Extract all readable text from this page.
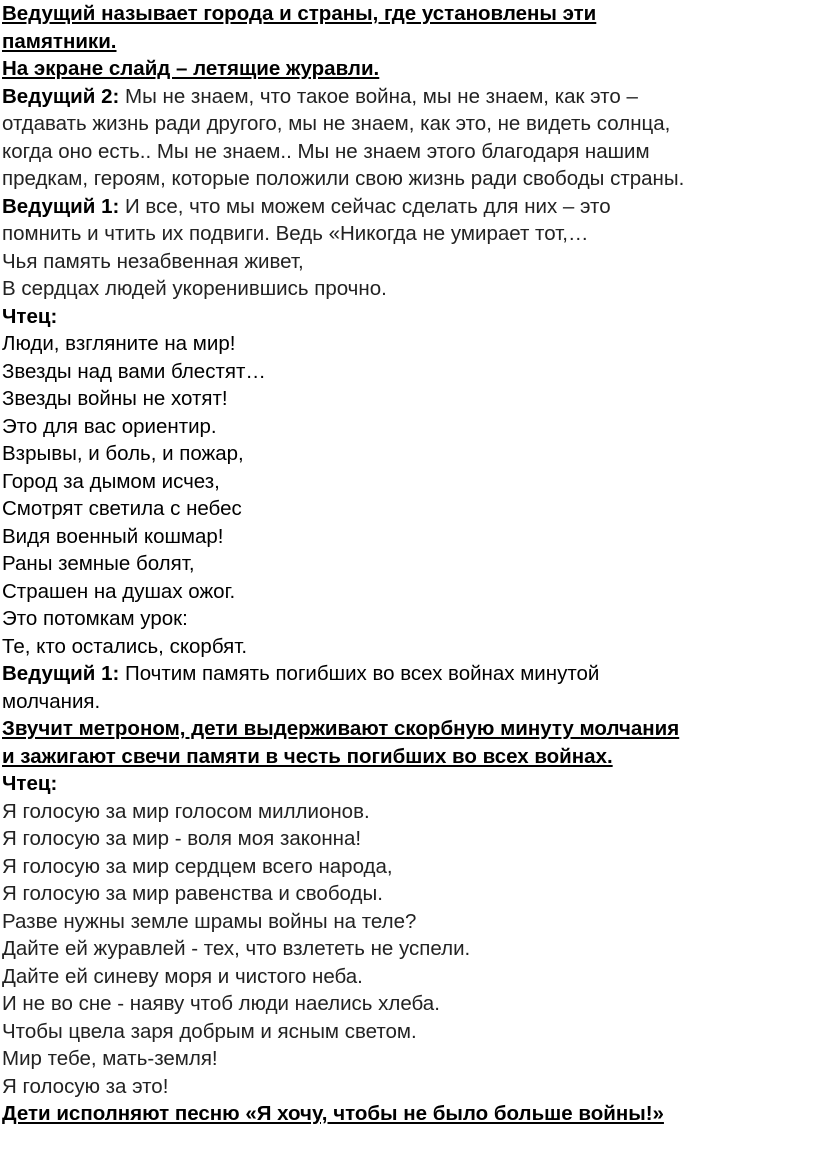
Ведущий называет города и страны, где установлены эти

памятники.

На экране слайд – летящие журавли.

Ведущий 2: Мы не знаем, что такое война, мы не знаем, как это –

отдавать жизнь ради другого, мы не знаем, как это, не видеть солнца,

когда оно есть.. Мы не знаем.. Мы не знаем этого благодаря нашим

предкам, героям, которые положили свою жизнь ради свободы страны.

Ведущий 1: И все, что мы можем сейчас сделать для них – это

помнить и чтить их подвиги. Ведь «Никогда не умирает тот,…

Чья память незабвенная живет,

В сердцах людей укоренившись прочно.

Чтец:

Люди, взгляните на мир!

Звезды над вами блестят…

Звезды войны не хотят!

Это для вас ориентир.

Взрывы, и боль, и пожар,

Город за дымом исчез,

Смотрят светила с небес

Видя военный кошмар!

Раны земные болят,

Страшен на душах ожог.

Это потомкам урок:

Те, кто остались, скорбят.

Ведущий 1: Почтим память погибших во всех войнах минутой

молчания.

Звучит метроном, дети выдерживают скорбную минуту молчания

и зажигают свечи памяти в честь погибших во всех войнах.

Чтец:

Я голосую за мир голосом миллионов.

Я голосую за мир - воля моя законна!

Я голосую за мир сердцем всего народа,

Я голосую за мир равенства и свободы.

Разве нужны земле шрамы войны на теле?

Дайте ей журавлей - тех, что взлететь не успели.

Дайте ей синеву моря и чистого неба.

И не во сне - наяву чтоб люди наелись хлеба.

Чтобы цвела заря добрым и ясным светом.

Мир тебе, мать-земля!

Я голосую за это!

Дети исполняют песню «Я хочу, чтобы не было больше войны!»
